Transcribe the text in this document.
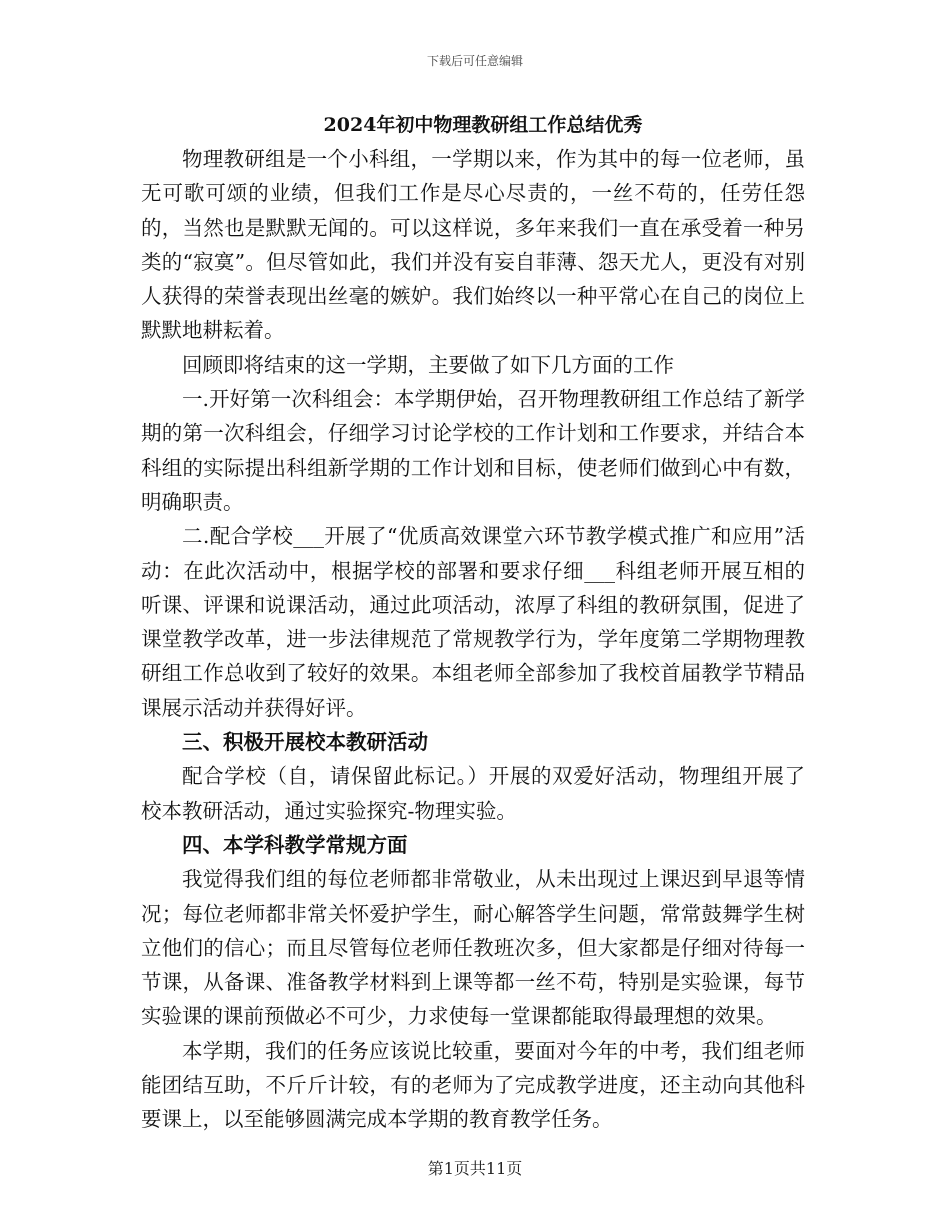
下载后可任意编辑
2024年初中物理教研组工作总结优秀

物理教研组是一个小科组，一学期以来，作为其中的每一位老师，虽无可歌可颂的业绩，但我们工作是尽心尽责的，一丝不苟的，任劳任怨的，当然也是默默无闻的。可以这样说，多年来我们一直在承受着一种另类的“寂寞”。但尽管如此，我们并没有妄自菲薄、怨天尤人，更没有对别人获得的荣誉表现出丝毫的嫉妒。我们始终以一种平常心在自己的岗位上默默地耕耘着。

回顾即将结束的这一学期，主要做了如下几方面的工作

一.开好第一次科组会：本学期伊始，召开物理教研组工作总结了新学期的第一次科组会，仔细学习讨论学校的工作计划和工作要求，并结合本科组的实际提出科组新学期的工作计划和目标，使老师们做到心中有数，明确职责。

二.配合学校___开展了“优质高效课堂六环节教学模式推广和应用”活动：在此次活动中，根据学校的部署和要求仔细___科组老师开展互相的听课、评课和说课活动，通过此项活动，浓厚了科组的教研氛围，促进了课堂教学改革，进一步法律规范了常规教学行为，学年度第二学期物理教研组工作总收到了较好的效果。本组老师全部参加了我校首届教学节精品课展示活动并获得好评。

三、积极开展校本教研活动

配合学校（自，请保留此标记。）开展的双爱好活动，物理组开展了校本教研活动，通过实验探究-物理实验。

四、本学科教学常规方面

我觉得我们组的每位老师都非常敬业，从未出现过上课迟到早退等情况；每位老师都非常关怀爱护学生，耐心解答学生问题，常常鼓舞学生树立他们的信心；而且尽管每位老师任教班次多，但大家都是仔细对待每一节课，从备课、准备教学材料到上课等都一丝不苟，特别是实验课，每节实验课的课前预做必不可少，力求使每一堂课都能取得最理想的效果。

本学期，我们的任务应该说比较重，要面对今年的中考，我们组老师能团结互助，不斤斤计较，有的老师为了完成教学进度，还主动向其他科要课上，以至能够圆满完成本学期的教育教学任务。

第1页共11页
